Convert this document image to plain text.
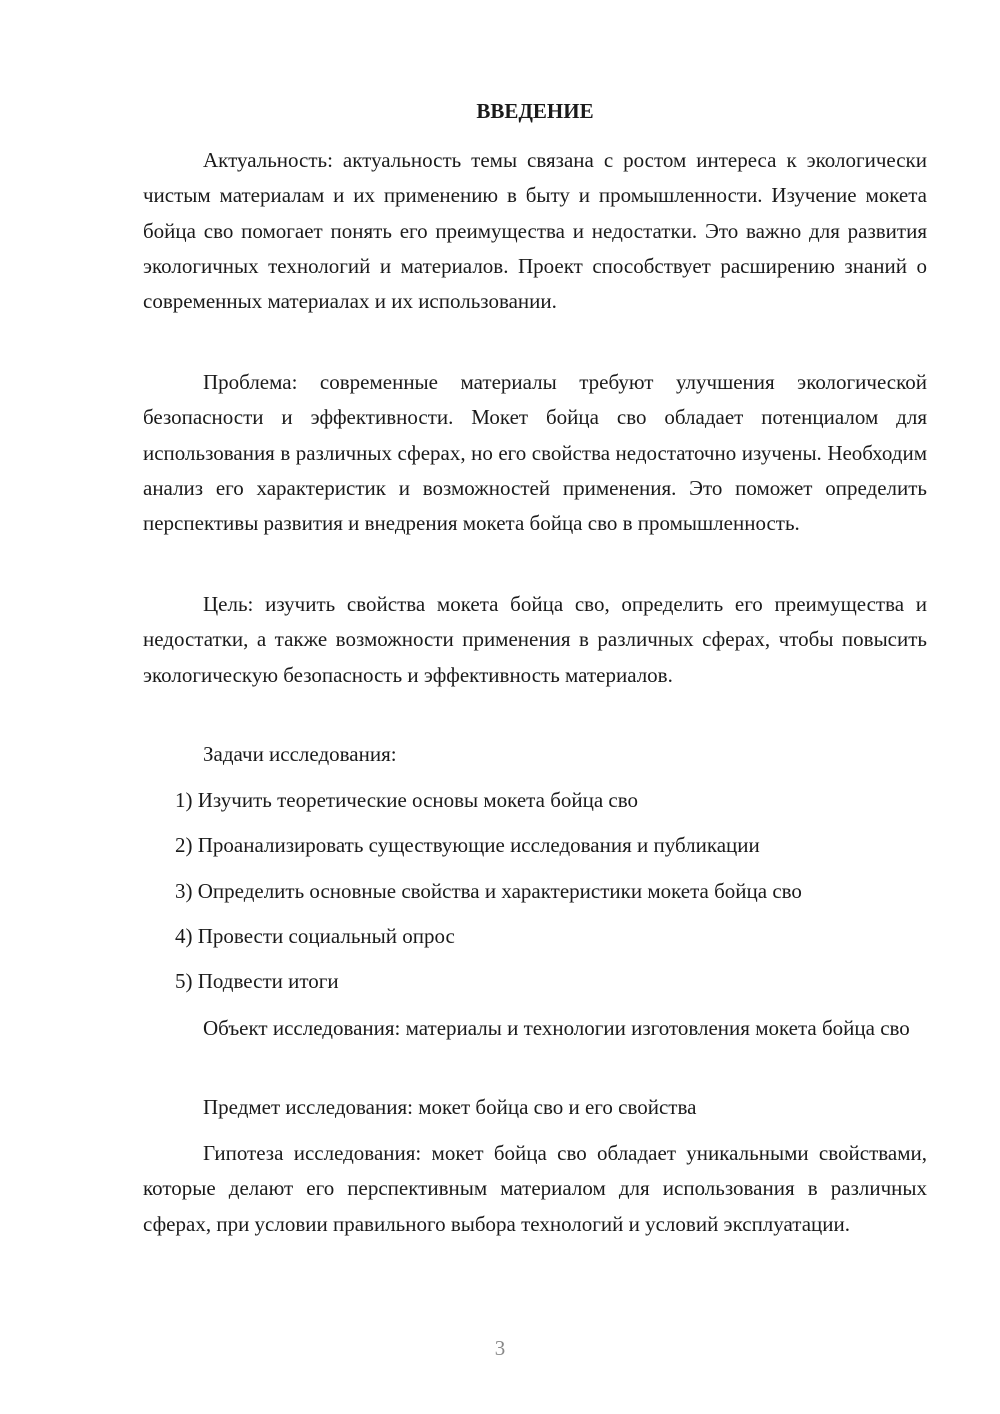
ВВЕДЕНИЕ

Актуальность: актуальность темы связана с ростом интереса к экологически чистым материалам и их применению в быту и промышленности. Изучение мокета бойца сво помогает понять его преимущества и недостатки. Это важно для развития экологичных технологий и материалов. Проект способствует расширению знаний о современных материалах и их использовании.

Проблема: современные материалы требуют улучшения экологической безопасности и эффективности. Мокет бойца сво обладает потенциалом для использования в различных сферах, но его свойства недостаточно изучены. Необходим анализ его характеристик и возможностей применения. Это поможет определить перспективы развития и внедрения мокета бойца сво в промышленность.

Цель: изучить свойства мокета бойца сво, определить его преимущества и недостатки, а также возможности применения в различных сферах, чтобы повысить экологическую безопасность и эффективность материалов.

Задачи исследования:

1) Изучить теоретические основы мокета бойца сво

2) Проанализировать существующие исследования и публикации

3) Определить основные свойства и характеристики мокета бойца сво

4) Провести социальный опрос

5) Подвести итоги

Объект исследования: материалы и технологии изготовления мокета бойца сво

Предмет исследования: мокет бойца сво и его свойства

Гипотеза исследования: мокет бойца сво обладает уникальными свойствами, которые делают его перспективным материалом для использования в различных сферах, при условии правильного выбора технологий и условий эксплуатации.

3
